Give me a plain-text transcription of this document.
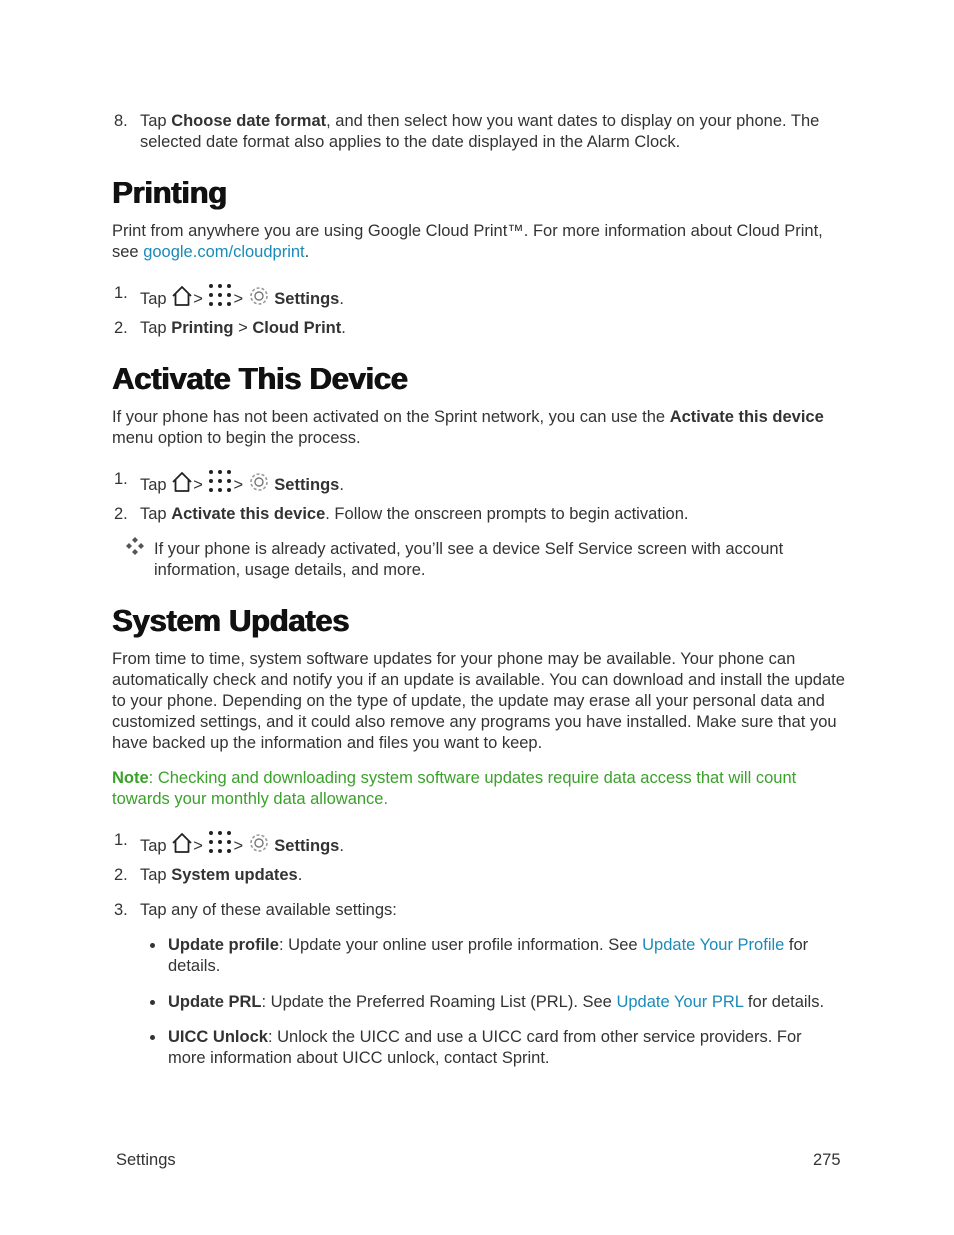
8. Tap Choose date format, and then select how you want dates to display on your phone. The
selected date format also applies to the date displayed in the Alarm Clock.
Printing
Print from anywhere you are using Google Cloud Print™. For more information about Cloud Print,
see google.com/cloudprint.
1. Tap > > Settings.
2. Tap Printing > Cloud Print.
Activate This Device
If your phone has not been activated on the Sprint network, you can use the Activate this device
menu option to begin the process.
1. Tap > > Settings.
2. Tap Activate this device. Follow the onscreen prompts to begin activation.
If your phone is already activated, you’ll see a device Self Service screen with account
information, usage details, and more.
System Updates
From time to time, system software updates for your phone may be available. Your phone can
automatically check and notify you if an update is available. You can download and install the update
to your phone. Depending on the type of update, the update may erase all your personal data and
customized settings, and it could also remove any programs you have installed. Make sure that you
have backed up the information and files you want to keep.
Note: Checking and downloading system software updates require data access that will count
towards your monthly data allowance.
1. Tap > > Settings.
2. Tap System updates.
3. Tap any of these available settings:
Update profile: Update your online user profile information. See Update Your Profile for
details.
Update PRL: Update the Preferred Roaming List (PRL). See Update Your PRL for details.
UICC Unlock: Unlock the UICC and use a UICC card from other service providers. For
more information about UICC unlock, contact Sprint.
Settings	275
